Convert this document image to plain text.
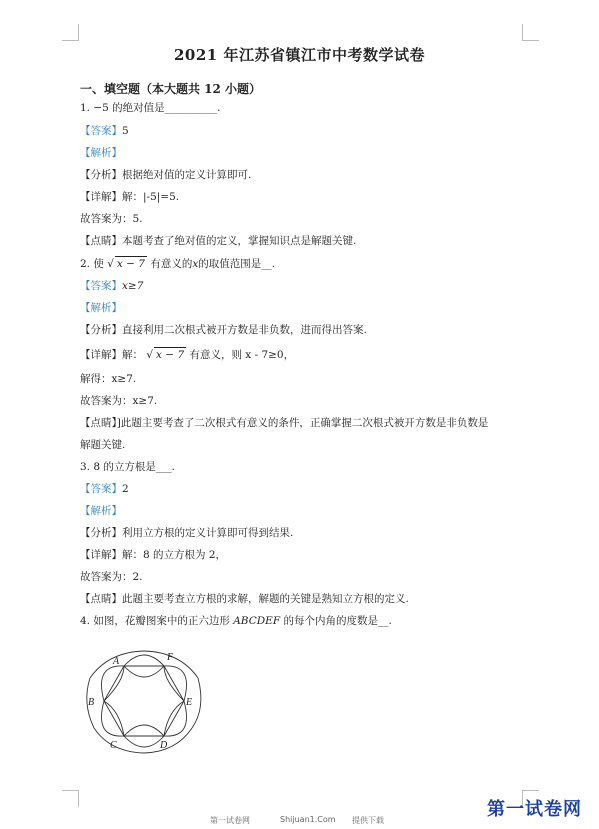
2021 年江苏省镇江市中考数学试卷
一、填空题（本大题共 12 小题）
1. −5 的绝对值是__________.
【答案】5
【解析】
【分析】根据绝对值的定义计算即可.
【详解】解：|-5|=5.
故答案为：5.
【点睛】本题考查了绝对值的定义，掌握知识点是解题关键.
2. 使 √ x − 7 有意义的x的取值范围是__.
【答案】x≥7
【解析】
【分析】直接利用二次根式被开方数是非负数，进而得出答案.
【详解】解： √ x − 7 有意义，则 x - 7≥0，
解得：x≥7.
故答案为：x≥7.
【点睛】]此题主要考查了二次根式有意义的条件，正确掌握二次根式被开方数是非负数是
解题关键.
3. 8 的立方根是___.
【答案】2
【解析】
【分析】利用立方根的定义计算即可得到结果.
【详解】解：8 的立方根为 2，
故答案为：2.
【点睛】此题主要考查立方根的求解，解题的关键是熟知立方根的定义.
4. 如图，花瓣图案中的正六边形 ABCDEF 的每个内角的度数是__.
A	F
B	E
C	D
第一试卷网	Shijuan1.Com 提供下载
第一试卷网
